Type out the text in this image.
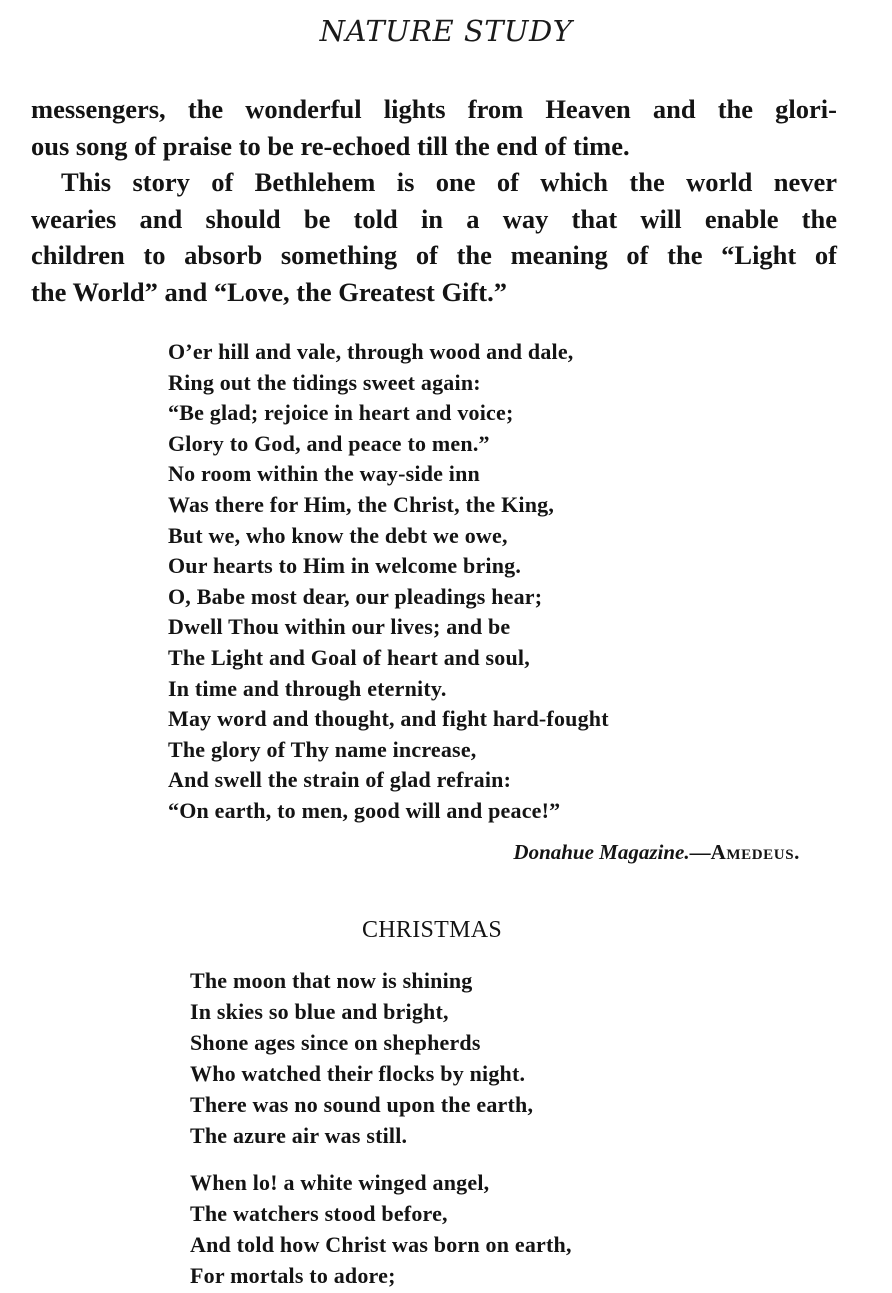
NATURE STUDY
messengers, the wonderful lights from Heaven and the glori-
ous song of praise to be re-echoed till the end of time.
This story of Bethlehem is one of which the world never
wearies and should be told in a way that will enable the
children to absorb something of the meaning of the “Light of
the World” and “Love, the Greatest Gift.”
O’er hill and vale, through wood and dale,
Ring out the tidings sweet again:
“Be glad; rejoice in heart and voice;
Glory to God, and peace to men.”
No room within the way-side inn
Was there for Him, the Christ, the King,
But we, who know the debt we owe,
Our hearts to Him in welcome bring.
O, Babe most dear, our pleadings hear;
Dwell Thou within our lives; and be
The Light and Goal of heart and soul,
In time and through eternity.
May word and thought, and fight hard-fought
The glory of Thy name increase,
And swell the strain of glad refrain:
“On earth, to men, good will and peace!”
Donahue Magazine.—Amedeus.
CHRISTMAS
The moon that now is shining
In skies so blue and bright,
Shone ages since on shepherds
Who watched their flocks by night.
There was no sound upon the earth,
The azure air was still.
When lo! a white winged angel,
The watchers stood before,
And told how Christ was born on earth,
For mortals to adore;
